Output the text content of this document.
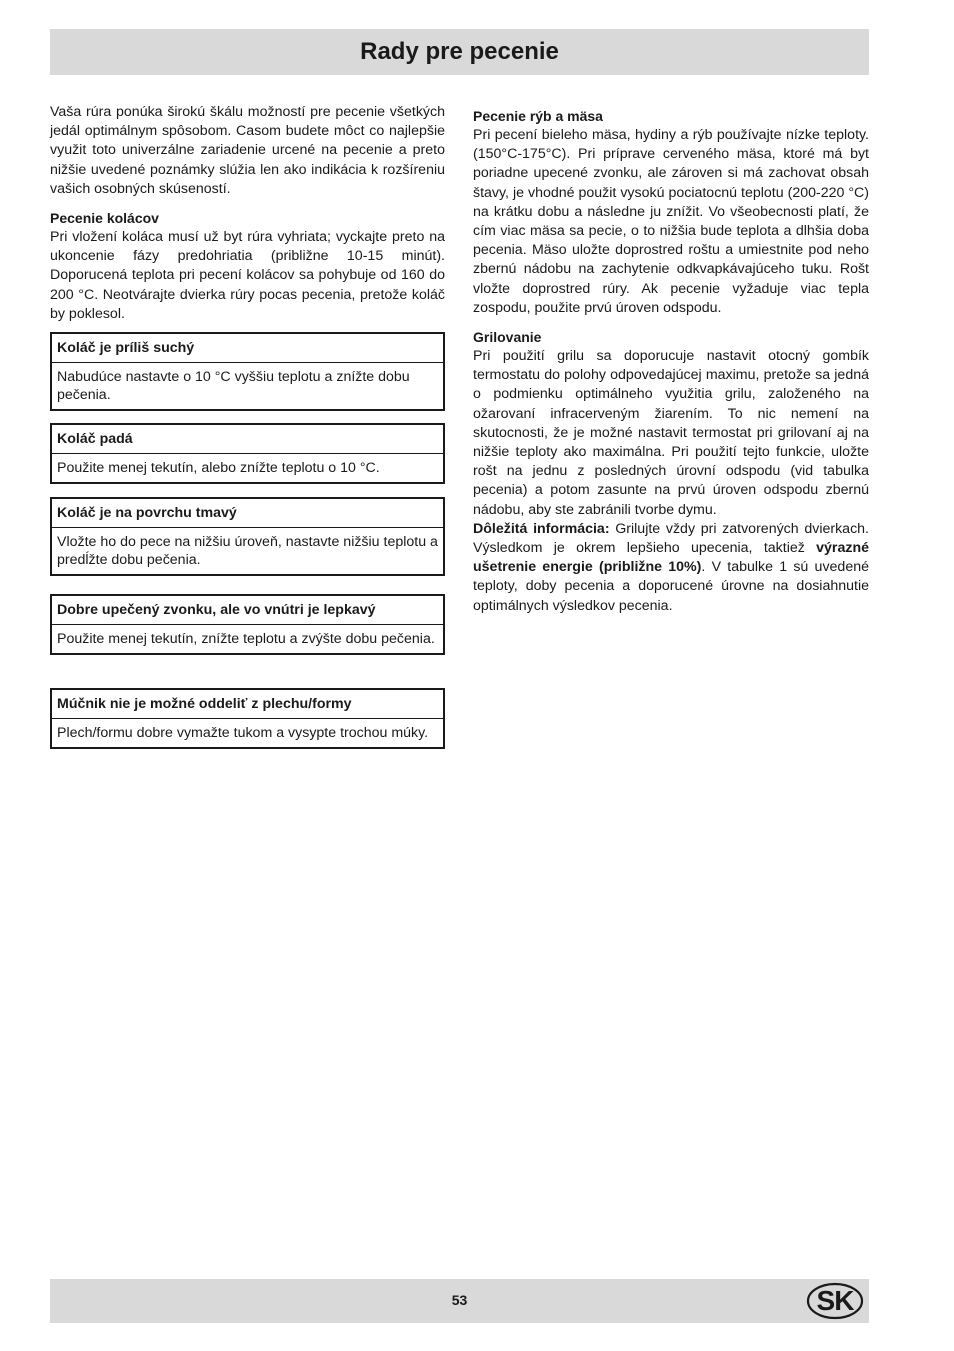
Rady pre pecenie

Vaša rúra ponúka širokú škálu možností pre pecenie všetkých jedál optimálnym spôsobom. Casom budete môct co najlepšie využit toto univerzálne zariadenie urcené na pecenie a preto nižšie uvedené poznámky slúžia len ako indikácia k rozšíreniu vašich osobných skúseností.

Pecenie kolácov

Pri vložení koláca musí už byt rúra vyhriata; vyckajte preto na ukoncenie fázy predohriatia (približne 10-15 minút). Doporucená teplota pri pecení kolácov sa pohybuje od 160 do 200 °C. Neotvárajte dvierka rúry pocas pecenia, pretože koláč by poklesol.

Koláč je príliš suchý
Nabudúce nastavte o 10 °C vyššiu teplotu a znížte dobu pečenia.
Koláč padá
Použite menej tekutín, alebo znížte teplotu o 10 °C.
Koláč je na povrchu tmavý
Vložte ho do pece na nižšiu úroveň, nastavte nižšiu teplotu a predĺžte dobu pečenia.
Dobre upečený zvonku, ale vo vnútri je lepkavý
Použite menej tekutín, znížte teplotu a zvýšte dobu pečenia.
Múčnik nie je možné oddeliť z plechu/formy
Plech/formu dobre vymažte tukom a vysypte trochou múky.
Pecenie rýb a mäsa

Pri pecení bieleho mäsa, hydiny a rýb používajte nízke teploty. (150°C-175°C). Pri príprave cerveného mäsa, ktoré má byt poriadne upecené zvonku, ale zároven si má zachovat obsah štavy, je vhodné použit vysokú pociatocnú teplotu (200-220 °C) na krátku dobu a následne ju znížit. Vo všeobecnosti platí, že cím viac mäsa sa pecie, o to nižšia bude teplota a dlhšia doba pecenia. Mäso uložte doprostred roštu a umiestnite pod neho zbernú nádobu na zachytenie odkvapkávajúceho tuku. Rošt vložte doprostred rúry. Ak pecenie vyžaduje viac tepla zospodu, použite prvú úroven odspodu.

Grilovanie

Pri použití grilu sa doporucuje nastavit otocný gombík termostatu do polohy odpovedajúcej maximu, pretože sa jedná o podmienku optimálneho využitia grilu, založeného na ožarovaní infracerveným žiarením. To nic nemení na skutocnosti, že je možné nastavit termostat pri grilovaní aj na nižšie teploty ako maximálna. Pri použití tejto funkcie, uložte rošt na jednu z posledných úrovní odspodu (vid tabulka pecenia) a potom zasunte na prvú úroven odspodu zbernú nádobu, aby ste zabránili tvorbe dymu.

Dôležitá informácia: Grilujte vždy pri zatvorených dvierkach. Výsledkom je okrem lepšieho upecenia, taktiež výrazné ušetrenie energie (približne 10%). V tabulke 1 sú uvedené teploty, doby pecenia a doporucené úrovne na dosiahnutie optimálnych výsledkov pecenia.

53	SK
